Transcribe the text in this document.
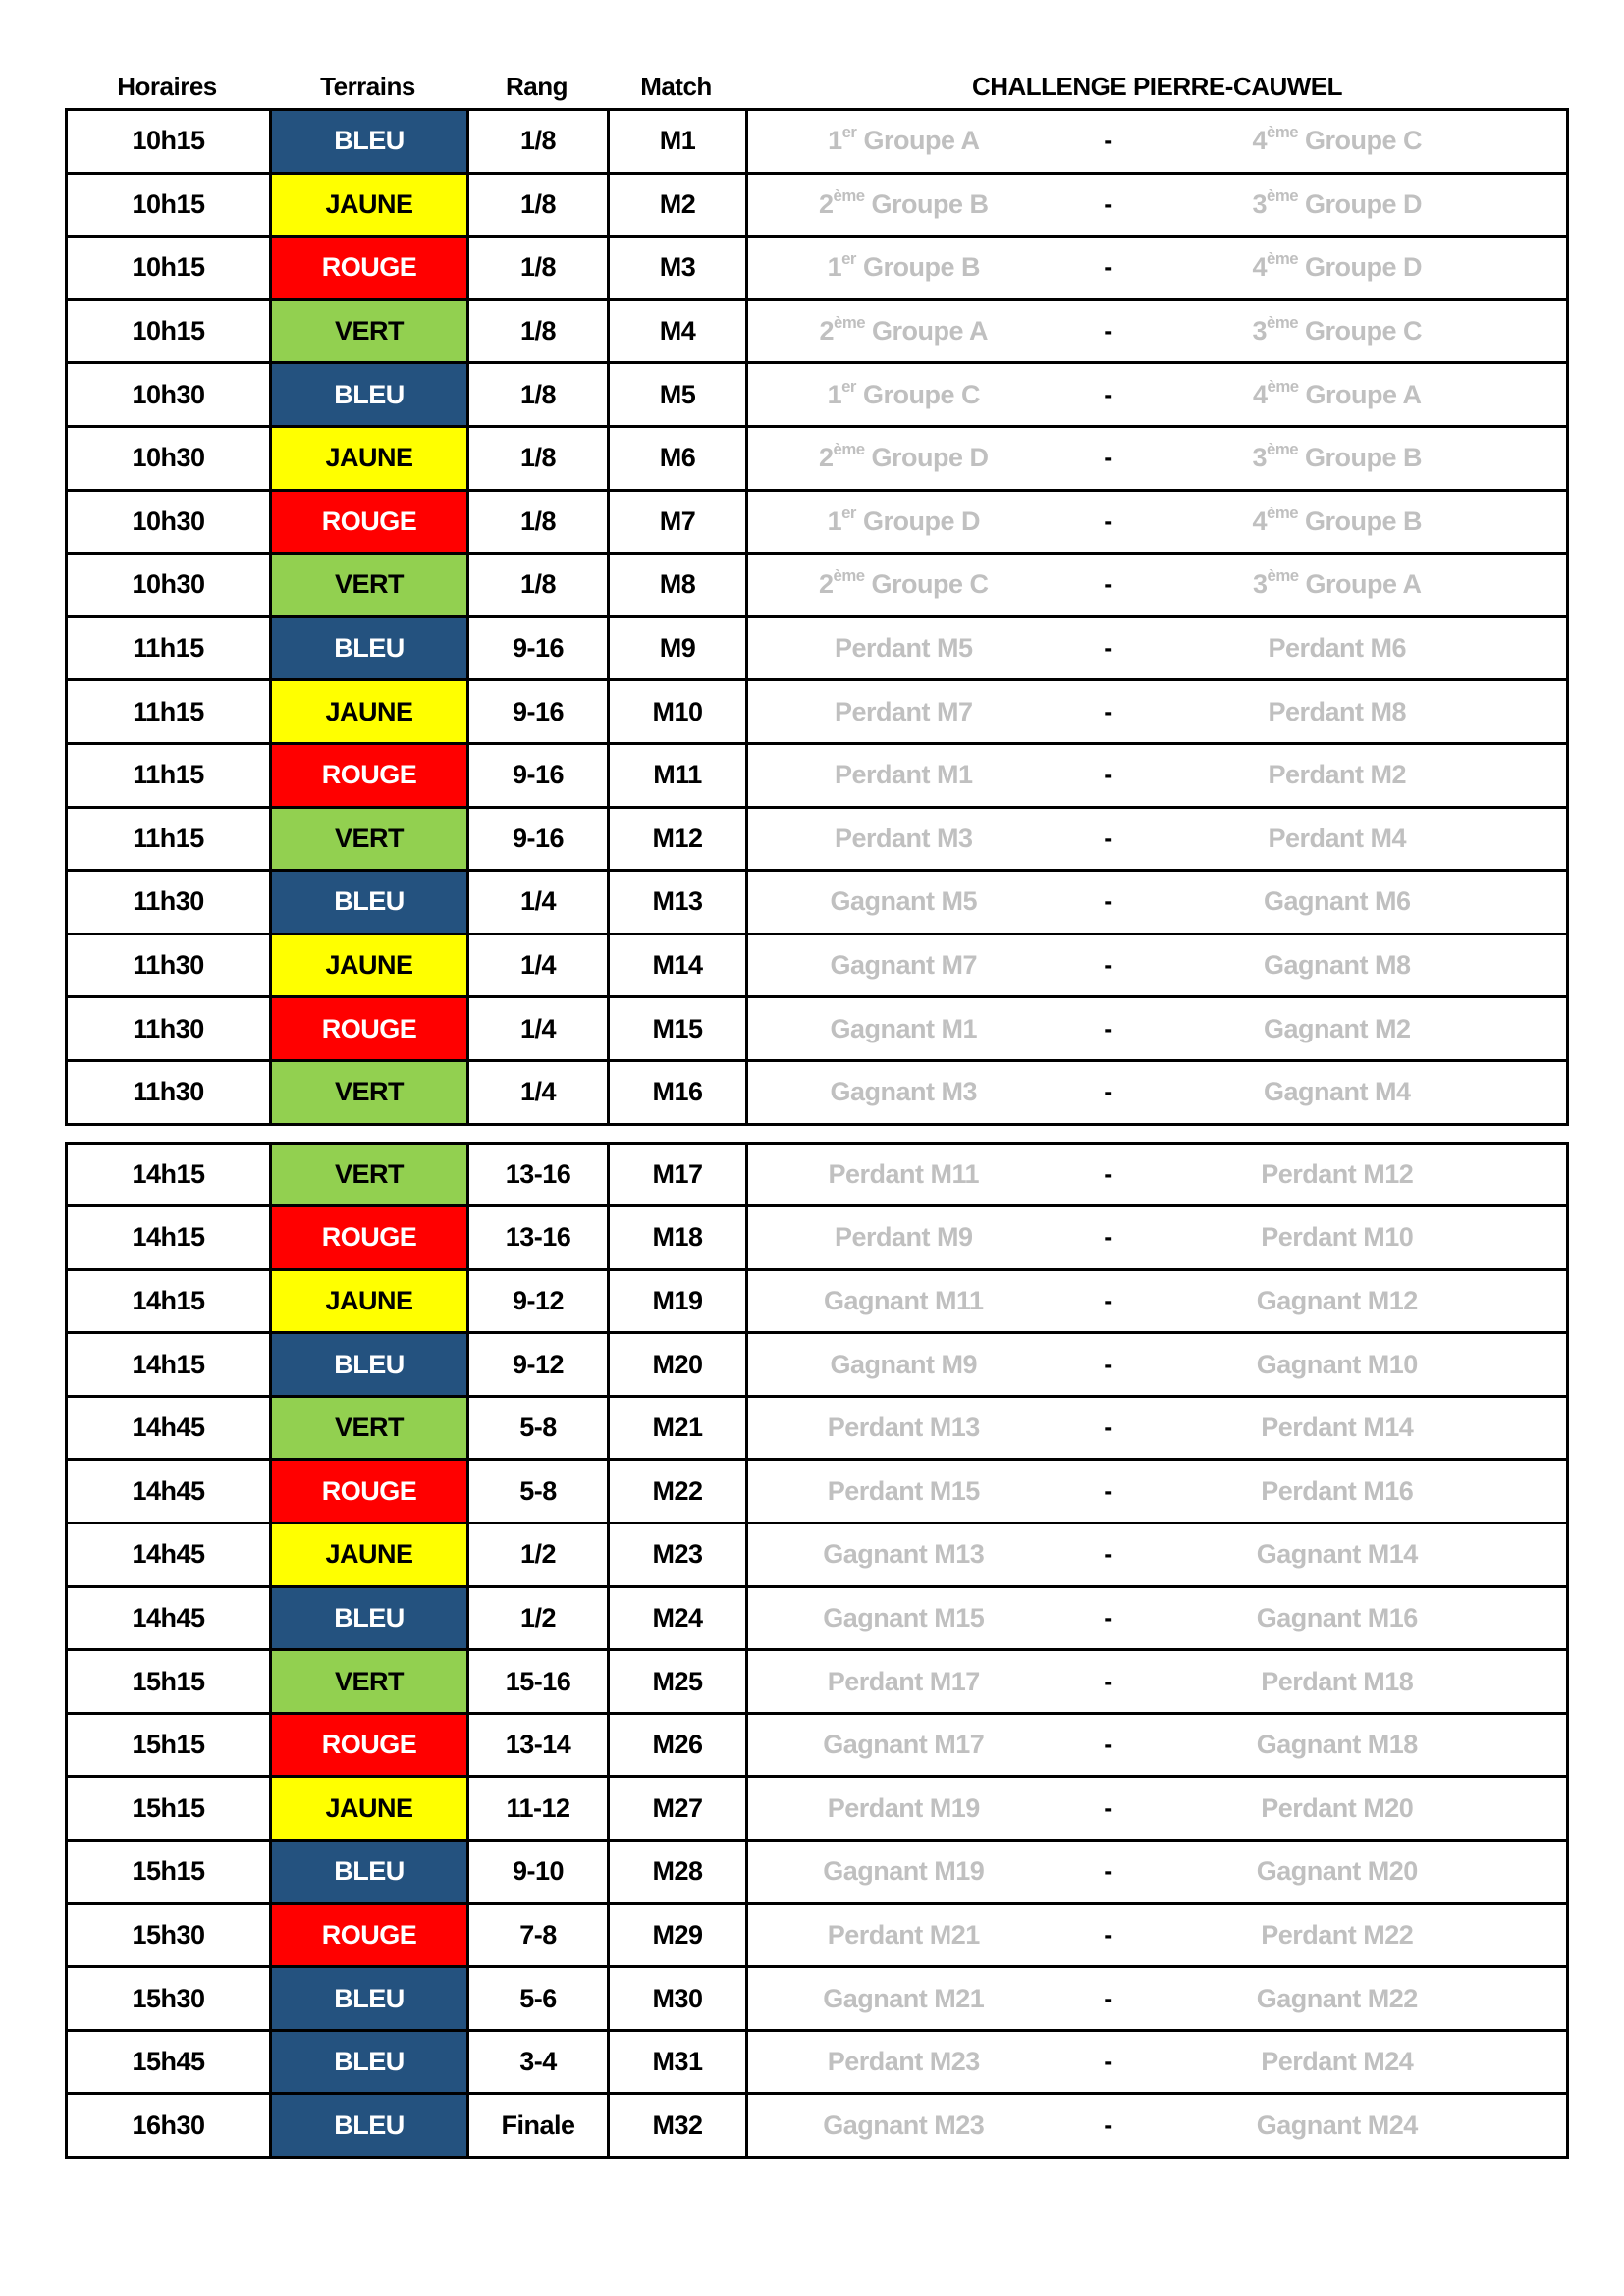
Horaires	Terrains	Rang	Match	CHALLENGE PIERRE-CAUWEL
10h15	BLEU	1/8	M1	1er Groupe A	-	4ème Groupe C
10h15	JAUNE	1/8	M2	2ème Groupe B	-	3ème Groupe D
10h15	ROUGE	1/8	M3	1er Groupe B	-	4ème Groupe D
10h15	VERT	1/8	M4	2ème Groupe A	-	3ème Groupe C
10h30	BLEU	1/8	M5	1er Groupe C	-	4ème Groupe A
10h30	JAUNE	1/8	M6	2ème Groupe D	-	3ème Groupe B
10h30	ROUGE	1/8	M7	1er Groupe D	-	4ème Groupe B
10h30	VERT	1/8	M8	2ème Groupe C	-	3ème Groupe A
11h15	BLEU	9-16	M9	Perdant M5	-	Perdant M6
11h15	JAUNE	9-16	M10	Perdant M7	-	Perdant M8
11h15	ROUGE	9-16	M11	Perdant M1	-	Perdant M2
11h15	VERT	9-16	M12	Perdant M3	-	Perdant M4
11h30	BLEU	1/4	M13	Gagnant M5	-	Gagnant M6
11h30	JAUNE	1/4	M14	Gagnant M7	-	Gagnant M8
11h30	ROUGE	1/4	M15	Gagnant M1	-	Gagnant M2
11h30	VERT	1/4	M16	Gagnant M3	-	Gagnant M4
14h15	VERT	13-16	M17	Perdant M11	-	Perdant M12
14h15	ROUGE	13-16	M18	Perdant M9	-	Perdant M10
14h15	JAUNE	9-12	M19	Gagnant M11	-	Gagnant M12
14h15	BLEU	9-12	M20	Gagnant M9	-	Gagnant M10
14h45	VERT	5-8	M21	Perdant M13	-	Perdant M14
14h45	ROUGE	5-8	M22	Perdant M15	-	Perdant M16
14h45	JAUNE	1/2	M23	Gagnant M13	-	Gagnant M14
14h45	BLEU	1/2	M24	Gagnant M15	-	Gagnant M16
15h15	VERT	15-16	M25	Perdant M17	-	Perdant M18
15h15	ROUGE	13-14	M26	Gagnant M17	-	Gagnant M18
15h15	JAUNE	11-12	M27	Perdant M19	-	Perdant M20
15h15	BLEU	9-10	M28	Gagnant M19	-	Gagnant M20
15h30	ROUGE	7-8	M29	Perdant M21	-	Perdant M22
15h30	BLEU	5-6	M30	Gagnant M21	-	Gagnant M22
15h45	BLEU	3-4	M31	Perdant M23	-	Perdant M24
16h30	BLEU	Finale	M32	Gagnant M23	-	Gagnant M24
